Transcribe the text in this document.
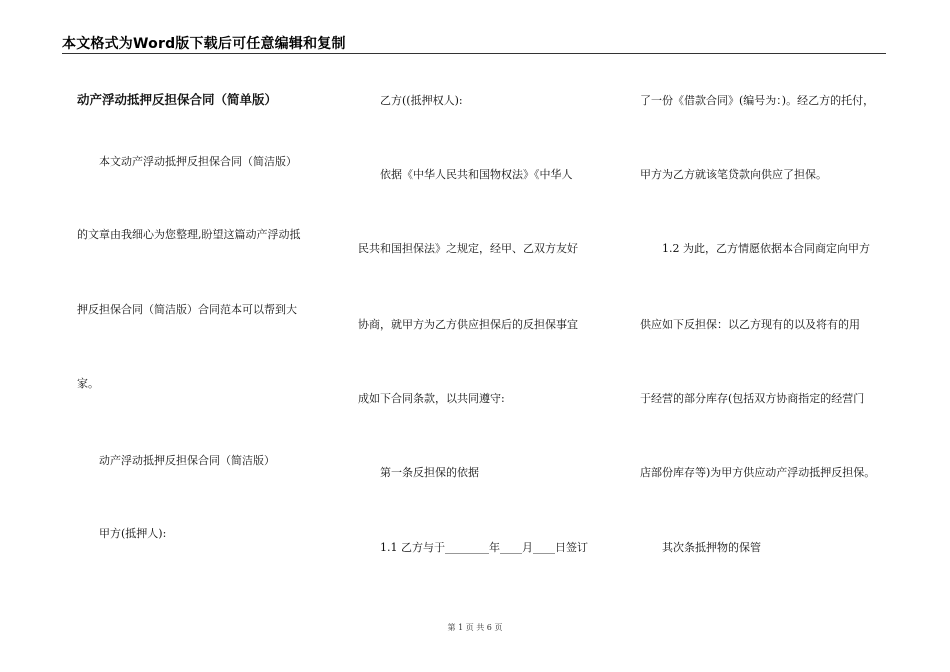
本文格式为Word版下载后可任意编辑和复制
动产浮动抵押反担保合同（简单版）
本文动产浮动抵押反担保合同（简洁版）
的文章由我细心为您整理,盼望这篇动产浮动抵
押反担保合同（简洁版）合同范本可以帮到大
家。
动产浮动抵押反担保合同（简洁版）
甲方(抵押人):
乙方((抵押权人):
依据《中华人民共和国物权法》《中华人
民共和国担保法》之规定，经甲、乙双方友好
协商，就甲方为乙方供应担保后的反担保事宜
成如下合同条款，以共同遵守:
第一条反担保的依据
1.1 乙方与于________年____月____日签订
了一份《借款合同》(编号为：)。经乙方的托付，
甲方为乙方就该笔贷款向供应了担保。
1.2 为此，乙方情愿依据本合同商定向甲方
供应如下反担保：以乙方现有的以及将有的用
于经营的部分库存(包括双方协商指定的经营门
店部份库存等)为甲方供应动产浮动抵押反担保。
其次条抵押物的保管
第 1 页 共 6 页
